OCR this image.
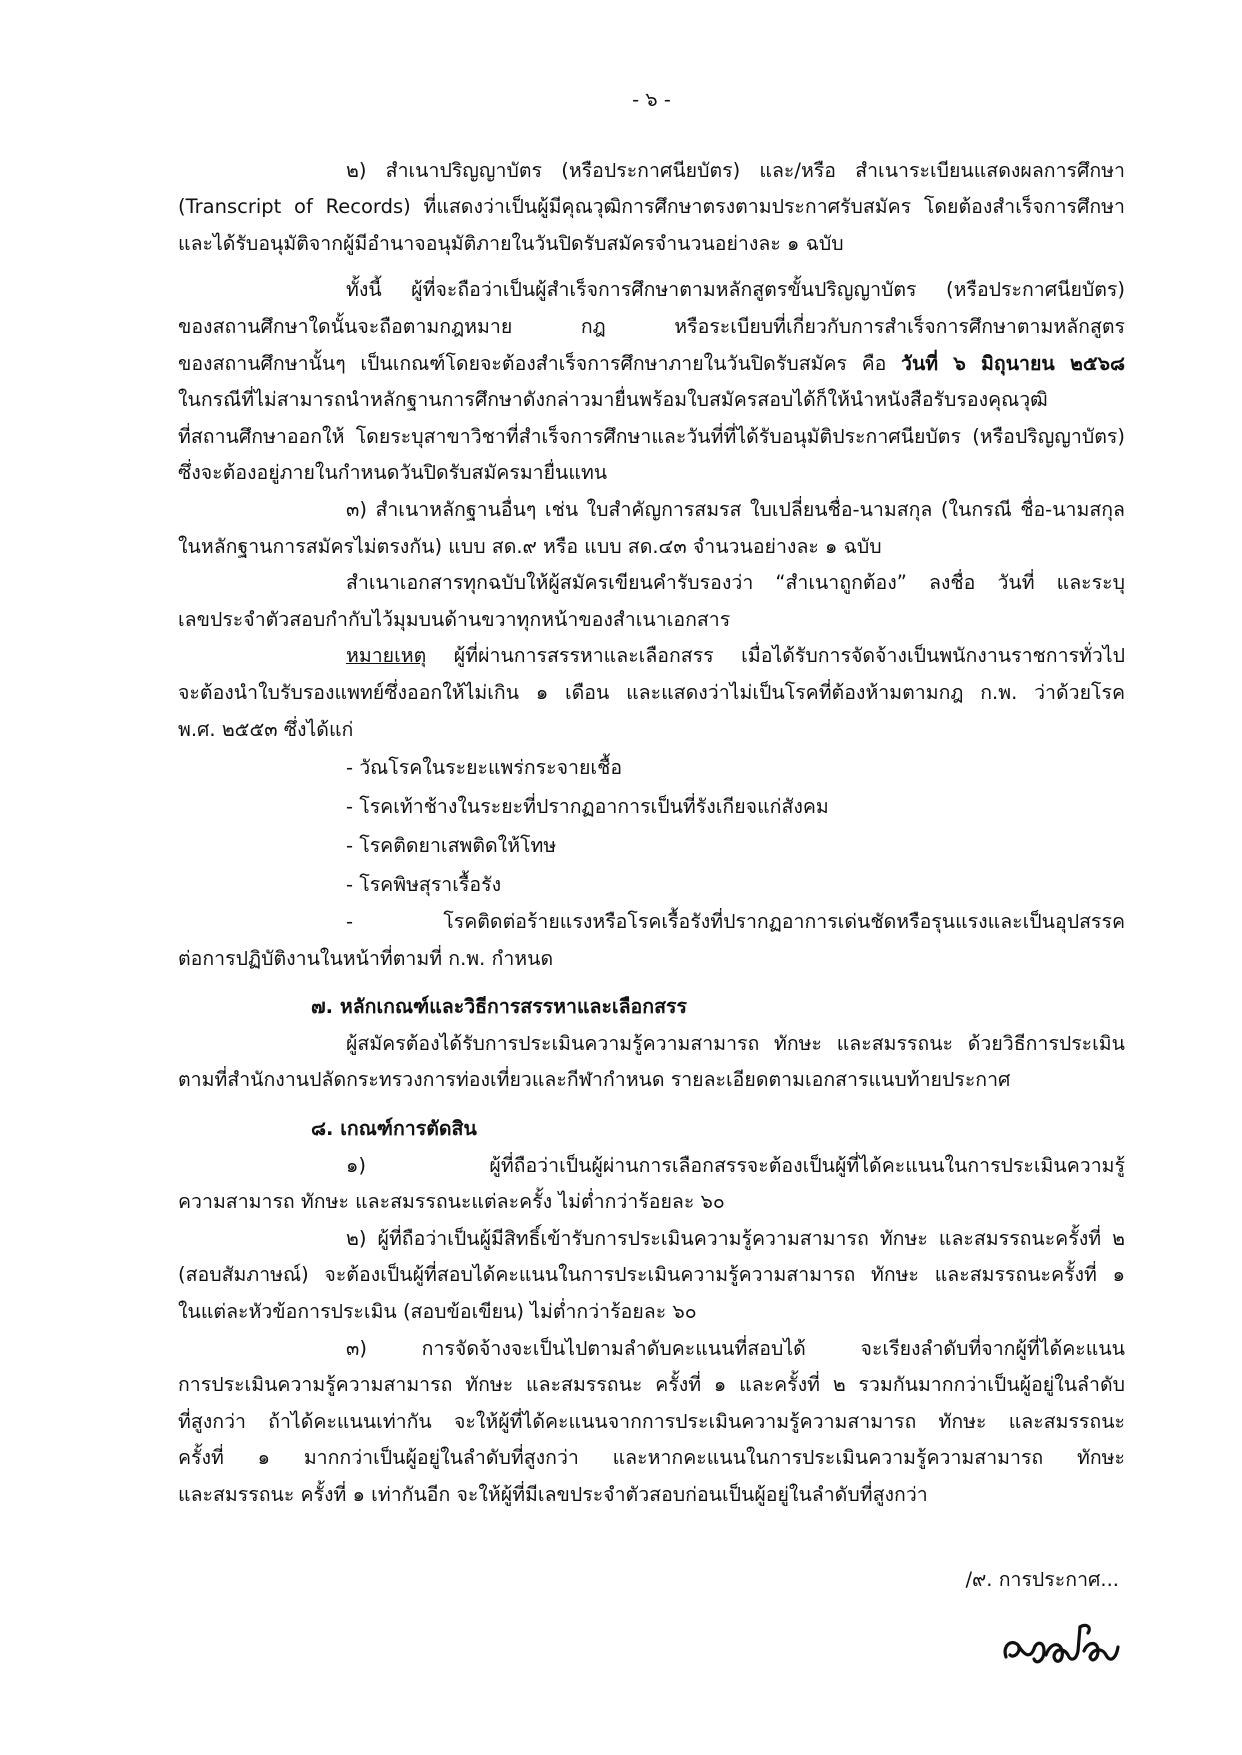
- ๖ -

๒) สำเนาปริญญาบัตร (หรือประกาศนียบัตร) และ/หรือ สำเนาระเบียนแสดงผลการศึกษา

(Transcript of Records) ที่แสดงว่าเป็นผู้มีคุณวุฒิการศึกษาตรงตามประกาศรับสมัคร โดยต้องสำเร็จการศึกษา

และได้รับอนุมัติจากผู้มีอำนาจอนุมัติภายในวันปิดรับสมัครจำนวนอย่างละ ๑ ฉบับ

ทั้งนี้ ผู้ที่จะถือว่าเป็นผู้สำเร็จการศึกษาตามหลักสูตรขั้นปริญญาบัตร (หรือประกาศนียบัตร)

ของสถานศึกษาใดนั้นจะถือตามกฎหมาย กฎ หรือระเบียบที่เกี่ยวกับการสำเร็จการศึกษาตามหลักสูตร

ของสถานศึกษานั้นๆ เป็นเกณฑ์โดยจะต้องสำเร็จการศึกษาภายในวันปิดรับสมัคร คือ วันที่ ๖ มิถุนายน ๒๕๖๘

ในกรณีที่ไม่สามารถนำหลักฐานการศึกษาดังกล่าวมายื่นพร้อมใบสมัครสอบได้ก็ให้นำหนังสือรับรองคุณวุฒิ

ที่สถานศึกษาออกให้ โดยระบุสาขาวิชาที่สำเร็จการศึกษาและวันที่ที่ได้รับอนุมัติประกาศนียบัตร (หรือปริญญาบัตร)

ซึ่งจะต้องอยู่ภายในกำหนดวันปิดรับสมัครมายื่นแทน

๓) สำเนาหลักฐานอื่นๆ เช่น ใบสำคัญการสมรส ใบเปลี่ยนชื่อ-นามสกุล (ในกรณี ชื่อ-นามสกุล

ในหลักฐานการสมัครไม่ตรงกัน) แบบ สด.๙ หรือ แบบ สด.๔๓ จำนวนอย่างละ ๑ ฉบับ

สำเนาเอกสารทุกฉบับให้ผู้สมัครเขียนคำรับรองว่า “สำเนาถูกต้อง” ลงชื่อ วันที่ และระบุ

เลขประจำตัวสอบกำกับไว้มุมบนด้านขวาทุกหน้าของสำเนาเอกสาร

หมายเหตุ ผู้ที่ผ่านการสรรหาและเลือกสรร เมื่อได้รับการจัดจ้างเป็นพนักงานราชการทั่วไป

จะต้องนำใบรับรองแพทย์ซึ่งออกให้ไม่เกิน ๑ เดือน และแสดงว่าไม่เป็นโรคที่ต้องห้ามตามกฎ ก.พ. ว่าด้วยโรค

พ.ศ. ๒๕๕๓ ซึ่งได้แก่

- วัณโรคในระยะแพร่กระจายเชื้อ

- โรคเท้าช้างในระยะที่ปรากฏอาการเป็นที่รังเกียจแก่สังคม

- โรคติดยาเสพติดให้โทษ

- โรคพิษสุราเรื้อรัง

- โรคติดต่อร้ายแรงหรือโรคเรื้อรังที่ปรากฏอาการเด่นชัดหรือรุนแรงและเป็นอุปสรรค

ต่อการปฏิบัติงานในหน้าที่ตามที่ ก.พ. กำหนด

๗. หลักเกณฑ์และวิธีการสรรหาและเลือกสรร

ผู้สมัครต้องได้รับการประเมินความรู้ความสามารถ ทักษะ และสมรรถนะ ด้วยวิธีการประเมิน

ตามที่สำนักงานปลัดกระทรวงการท่องเที่ยวและกีฬากำหนด รายละเอียดตามเอกสารแนบท้ายประกาศ

๘. เกณฑ์การตัดสิน

๑) ผู้ที่ถือว่าเป็นผู้ผ่านการเลือกสรรจะต้องเป็นผู้ที่ได้คะแนนในการประเมินความรู้

ความสามารถ ทักษะ และสมรรถนะแต่ละครั้ง ไม่ต่ำกว่าร้อยละ ๖๐

๒) ผู้ที่ถือว่าเป็นผู้มีสิทธิ์เข้ารับการประเมินความรู้ความสามารถ ทักษะ และสมรรถนะครั้งที่ ๒

(สอบสัมภาษณ์) จะต้องเป็นผู้ที่สอบได้คะแนนในการประเมินความรู้ความสามารถ ทักษะ และสมรรถนะครั้งที่ ๑

ในแต่ละหัวข้อการประเมิน (สอบข้อเขียน) ไม่ต่ำกว่าร้อยละ ๖๐

๓) การจัดจ้างจะเป็นไปตามลำดับคะแนนที่สอบได้ จะเรียงลำดับที่จากผู้ที่ได้คะแนน

การประเมินความรู้ความสามารถ ทักษะ และสมรรถนะ ครั้งที่ ๑ และครั้งที่ ๒ รวมกันมากกว่าเป็นผู้อยู่ในลำดับ

ที่สูงกว่า ถ้าได้คะแนนเท่ากัน จะให้ผู้ที่ได้คะแนนจากการประเมินความรู้ความสามารถ ทักษะ และสมรรถนะ

ครั้งที่ ๑ มากกว่าเป็นผู้อยู่ในลำดับที่สูงกว่า และหากคะแนนในการประเมินความรู้ความสามารถ ทักษะ

และสมรรถนะ ครั้งที่ ๑ เท่ากันอีก จะให้ผู้ที่มีเลขประจำตัวสอบก่อนเป็นผู้อยู่ในลำดับที่สูงกว่า

/๙. การประกาศ...
